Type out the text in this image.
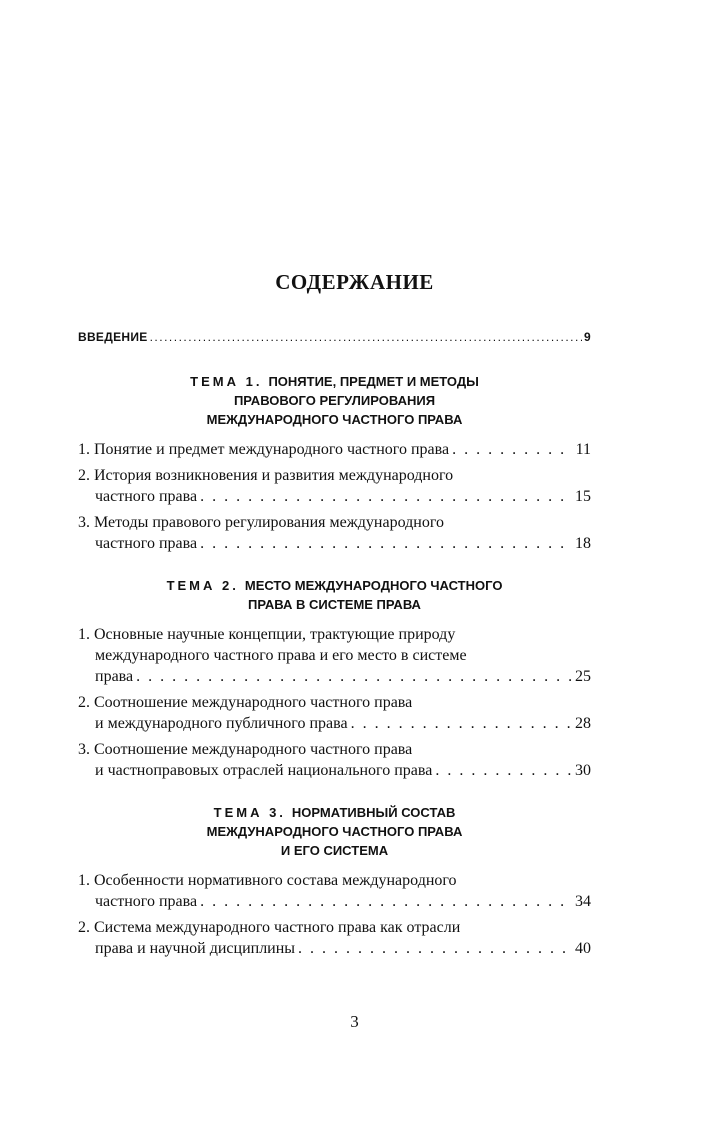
СОДЕРЖАНИЕ
ВВЕДЕНИЕ .....	9
ТЕМА 1. ПОНЯТИЕ, ПРЕДМЕТ И МЕТОДЫ
ПРАВОВОГО РЕГУЛИРОВАНИЯ
МЕЖДУНАРОДНОГО ЧАСТНОГО ПРАВА
1. Понятие и предмет международного частного права . . .	11
2. История возникновения и развития международного
частного права . . .	15
3. Методы правового регулирования международного
частного права . . .	18
ТЕМА 2. МЕСТО МЕЖДУНАРОДНОГО ЧАСТНОГО
ПРАВА В СИСТЕМЕ ПРАВА
1. Основные научные концепции, трактующие природу
международного частного права и его место в системе
права . . .	25
2. Соотношение международного частного права
и международного публичного права . . .	28
3. Соотношение международного частного права
и частноправовых отраслей национального права . . .	30
ТЕМА 3. НОРМАТИВНЫЙ СОСТАВ
МЕЖДУНАРОДНОГО ЧАСТНОГО ПРАВА
И ЕГО СИСТЕМА
1. Особенности нормативного состава международного
частного права . . .	34
2. Система международного частного права как отрасли
права и научной дисциплины . . .	40
3
